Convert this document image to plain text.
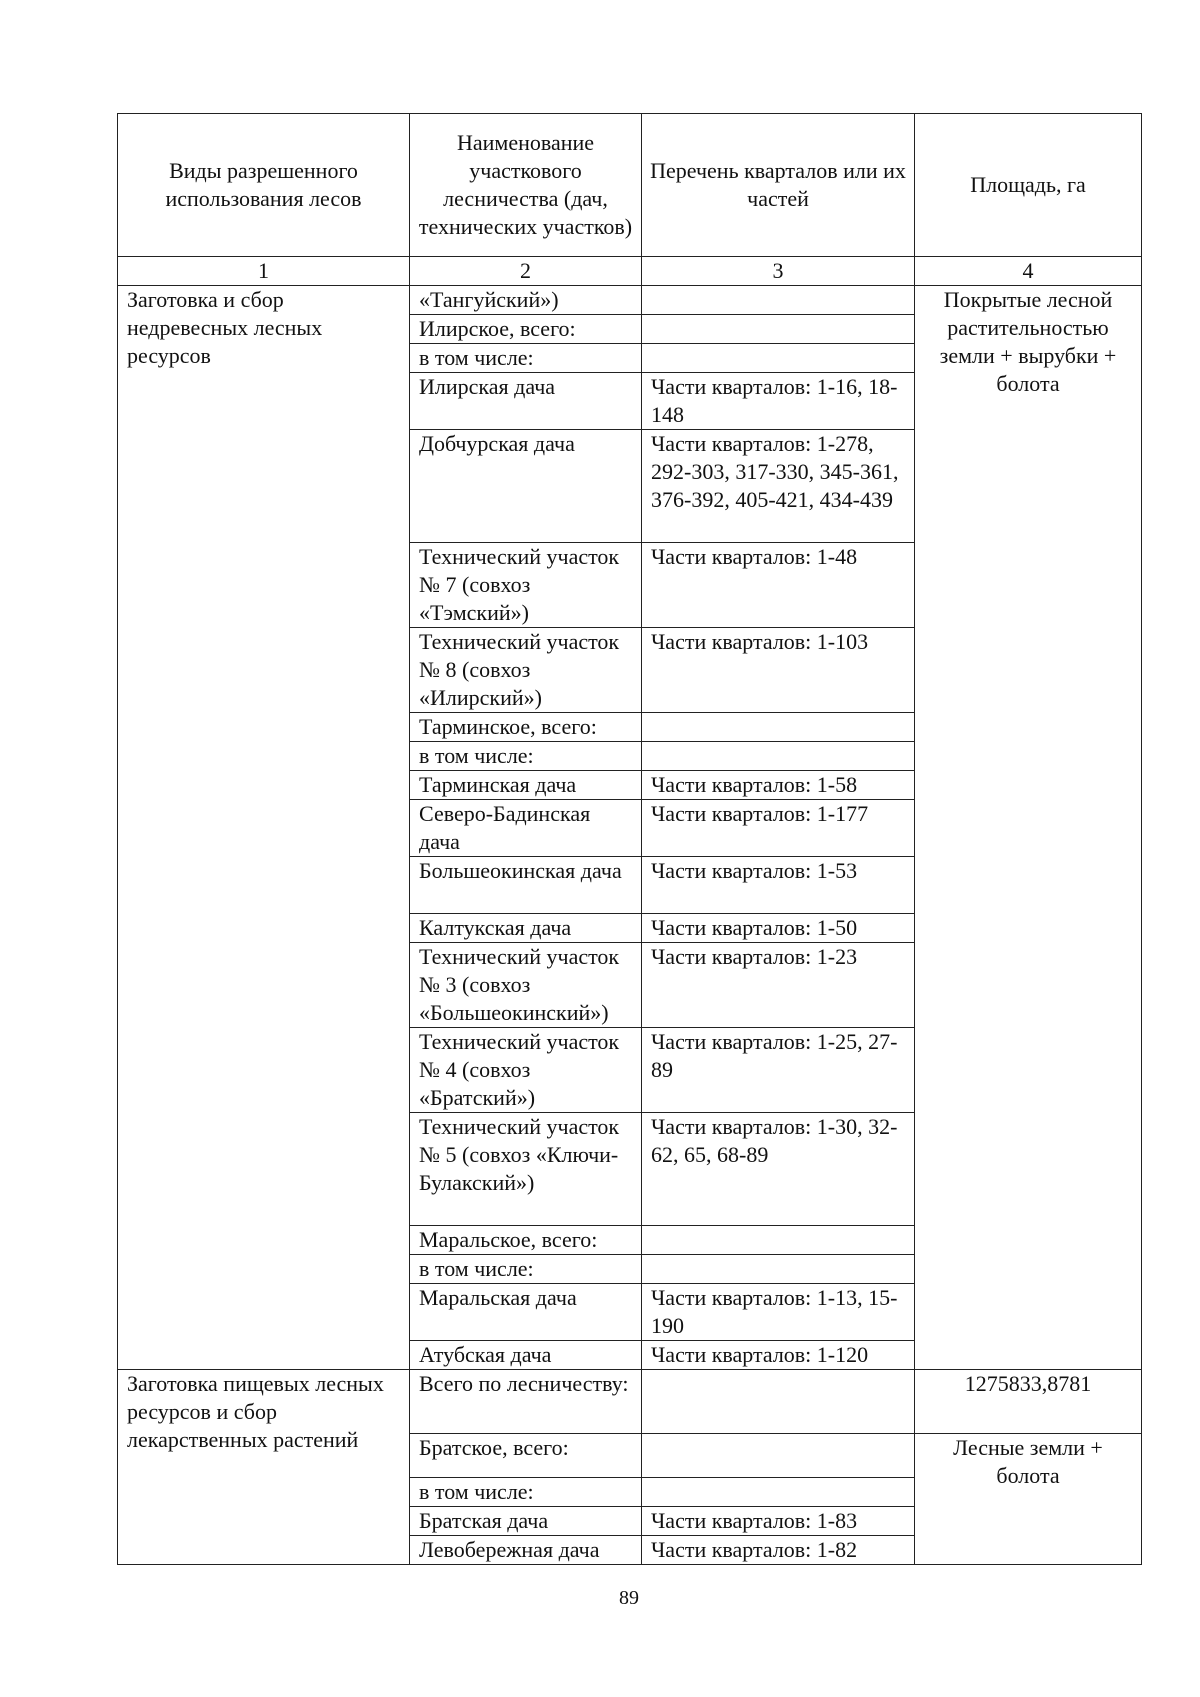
Виды разрешенного использования лесов	Наименование участкового лесничества (дач, технических участков)	Перечень кварталов или их частей	Площадь, га
1	2	3	4
Заготовка и сбор недревесных лесных ресурсов	«Тангуйский»)		Покрытые лесной растительностью земли + вырубки + болота
	Илирское, всего:		
	в том числе:		
	Илирская дача	Части кварталов: 1-16, 18-148	
	Добчурская дача	Части кварталов: 1-278, 292-303, 317-330, 345-361, 376-392, 405-421, 434-439	
	Технический участок № 7 (совхоз «Тэмский»)	Части кварталов: 1-48	
	Технический участок № 8 (совхоз «Илирский»)	Части кварталов: 1-103	
	Тарминское, всего:		
	в том числе:		
	Тарминская дача	Части кварталов: 1-58	
	Северо-Бадинская дача	Части кварталов: 1-177	
	Большеокинская дача	Части кварталов: 1-53	
	Калтукская дача	Части кварталов: 1-50	
	Технический участок № 3 (совхоз «Большеокинский»)	Части кварталов: 1-23	
	Технический участок № 4 (совхоз «Братский»)	Части кварталов: 1-25, 27-89	
	Технический участок № 5 (совхоз «Ключи-Булакский»)	Части кварталов: 1-30, 32-62, 65, 68-89	
	Маральское, всего:		
	в том числе:		
	Маральская дача	Части кварталов: 1-13, 15-190	
	Атубская дача	Части кварталов: 1-120	
Заготовка пищевых лесных ресурсов и сбор лекарственных растений	Всего по лесничеству:		1275833,8781
	Братское, всего:		Лесные земли + болота
	в том числе:		
	Братская дача	Части кварталов: 1-83	
	Левобережная дача	Части кварталов: 1-82	
89
